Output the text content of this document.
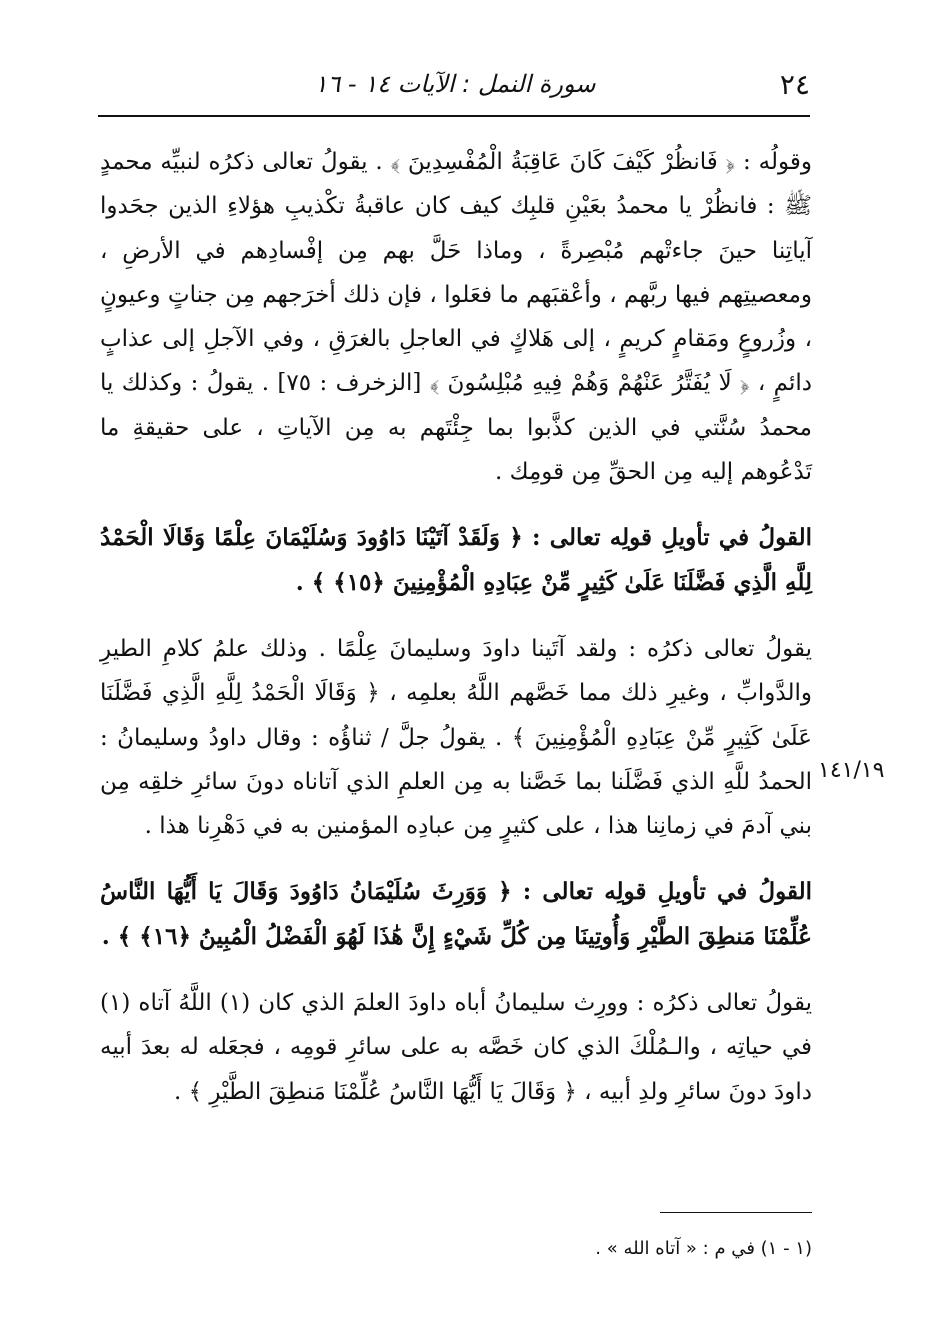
٢٤
سورة النمل : الآيات ١٤ - ١٦

وقولُه : ﴿ فَانظُرْ كَيْفَ كَانَ عَاقِبَةُ الْمُفْسِدِينَ ﴾ . يقولُ تعالى ذكرُه لنبيِّه محمدٍ ﷺ : فانظُرْ يا محمدُ بعَيْنِ قلبِك كيف كان عاقبةُ تكْذيبِ هؤلاءِ الذين جحَدوا آياتِنا حينَ جاءتْهم مُبْصِرةً ، وماذا حَلَّ بهم مِن إفْسادِهم في الأرضِ ، ومعصيتِهم فيها ربَّهم ، وأعْقبَهم ما فعَلوا ، فإن ذلك أخرَجهم مِن جناتٍ وعيونٍ ، وزُروعٍ ومَقامٍ كريمٍ ، إلى هَلاكٍ في العاجلِ بالغرَقِ ، وفي الآجلِ إلى عذابٍ دائمٍ ، ﴿ لَا يُفَتَّرُ عَنْهُمْ وَهُمْ فِيهِ مُبْلِسُونَ ﴾ [الزخرف : ٧٥] . يقولُ : وكذلك يا محمدُ سُنَّتي في الذين كذَّبوا بما جِئْتَهم به مِن الآياتِ ، على حقيقةِ ما تَدْعُوهم إليه مِن الحقِّ مِن قومِك .

القولُ في تأويلِ قولِه تعالى : ﴿ وَلَقَدْ آتَيْنَا دَاوُودَ وَسُلَيْمَانَ عِلْمًا وَقَالَا الْحَمْدُ لِلَّهِ الَّذِي فَضَّلَنَا عَلَىٰ كَثِيرٍ مِّنْ عِبَادِهِ الْمُؤْمِنِينَ ﴿١٥﴾ ﴾ .

يقولُ تعالى ذكرُه : ولقد آتَينا داودَ وسليمانَ عِلْمًا . وذلك علمُ كلامِ الطيرِ والدَّوابِّ ، وغيرِ ذلك مما خَصَّهم اللَّهُ بعلمِه ، ﴿ وَقَالَا الْحَمْدُ لِلَّهِ الَّذِي فَضَّلَنَا عَلَىٰ كَثِيرٍ مِّنْ عِبَادِهِ الْمُؤْمِنِينَ ﴾ . يقولُ جلَّ / ثناؤُه : وقال داودُ وسليمانُ : الحمدُ للَّهِ الذي فَضَّلَنا بما خَصَّنا به مِن العلمِ الذي آتاناه دونَ سائرِ خلقِه مِن بني آدمَ في زمانِنا هذا ، على كثيرٍ مِن عبادِه المؤمنين به في دَهْرِنا هذا .

القولُ في تأويلِ قولِه تعالى : ﴿ وَوَرِثَ سُلَيْمَانُ دَاوُودَ وَقَالَ يَا أَيُّهَا النَّاسُ عُلِّمْنَا مَنطِقَ الطَّيْرِ وَأُوتِينَا مِن كُلِّ شَيْءٍ إِنَّ هَٰذَا لَهُوَ الْفَضْلُ الْمُبِينُ ﴿١٦﴾ ﴾ .

يقولُ تعالى ذكرُه : وورِث سليمانُ أباه داودَ العلمَ الذي كان (١) اللَّهُ آتاه (١) في حياتِه ، والـمُلْكَ الذي كان خَصَّه به على سائرِ قومِه ، فجعَله له بعدَ أبيه داودَ دونَ سائرِ ولدِ أبيه ، ﴿ وَقَالَ يَا أَيُّهَا النَّاسُ عُلِّمْنَا مَنطِقَ الطَّيْرِ ﴾ .

١٤١/١٩
(١ - ١) في م : « آتاه الله » .
